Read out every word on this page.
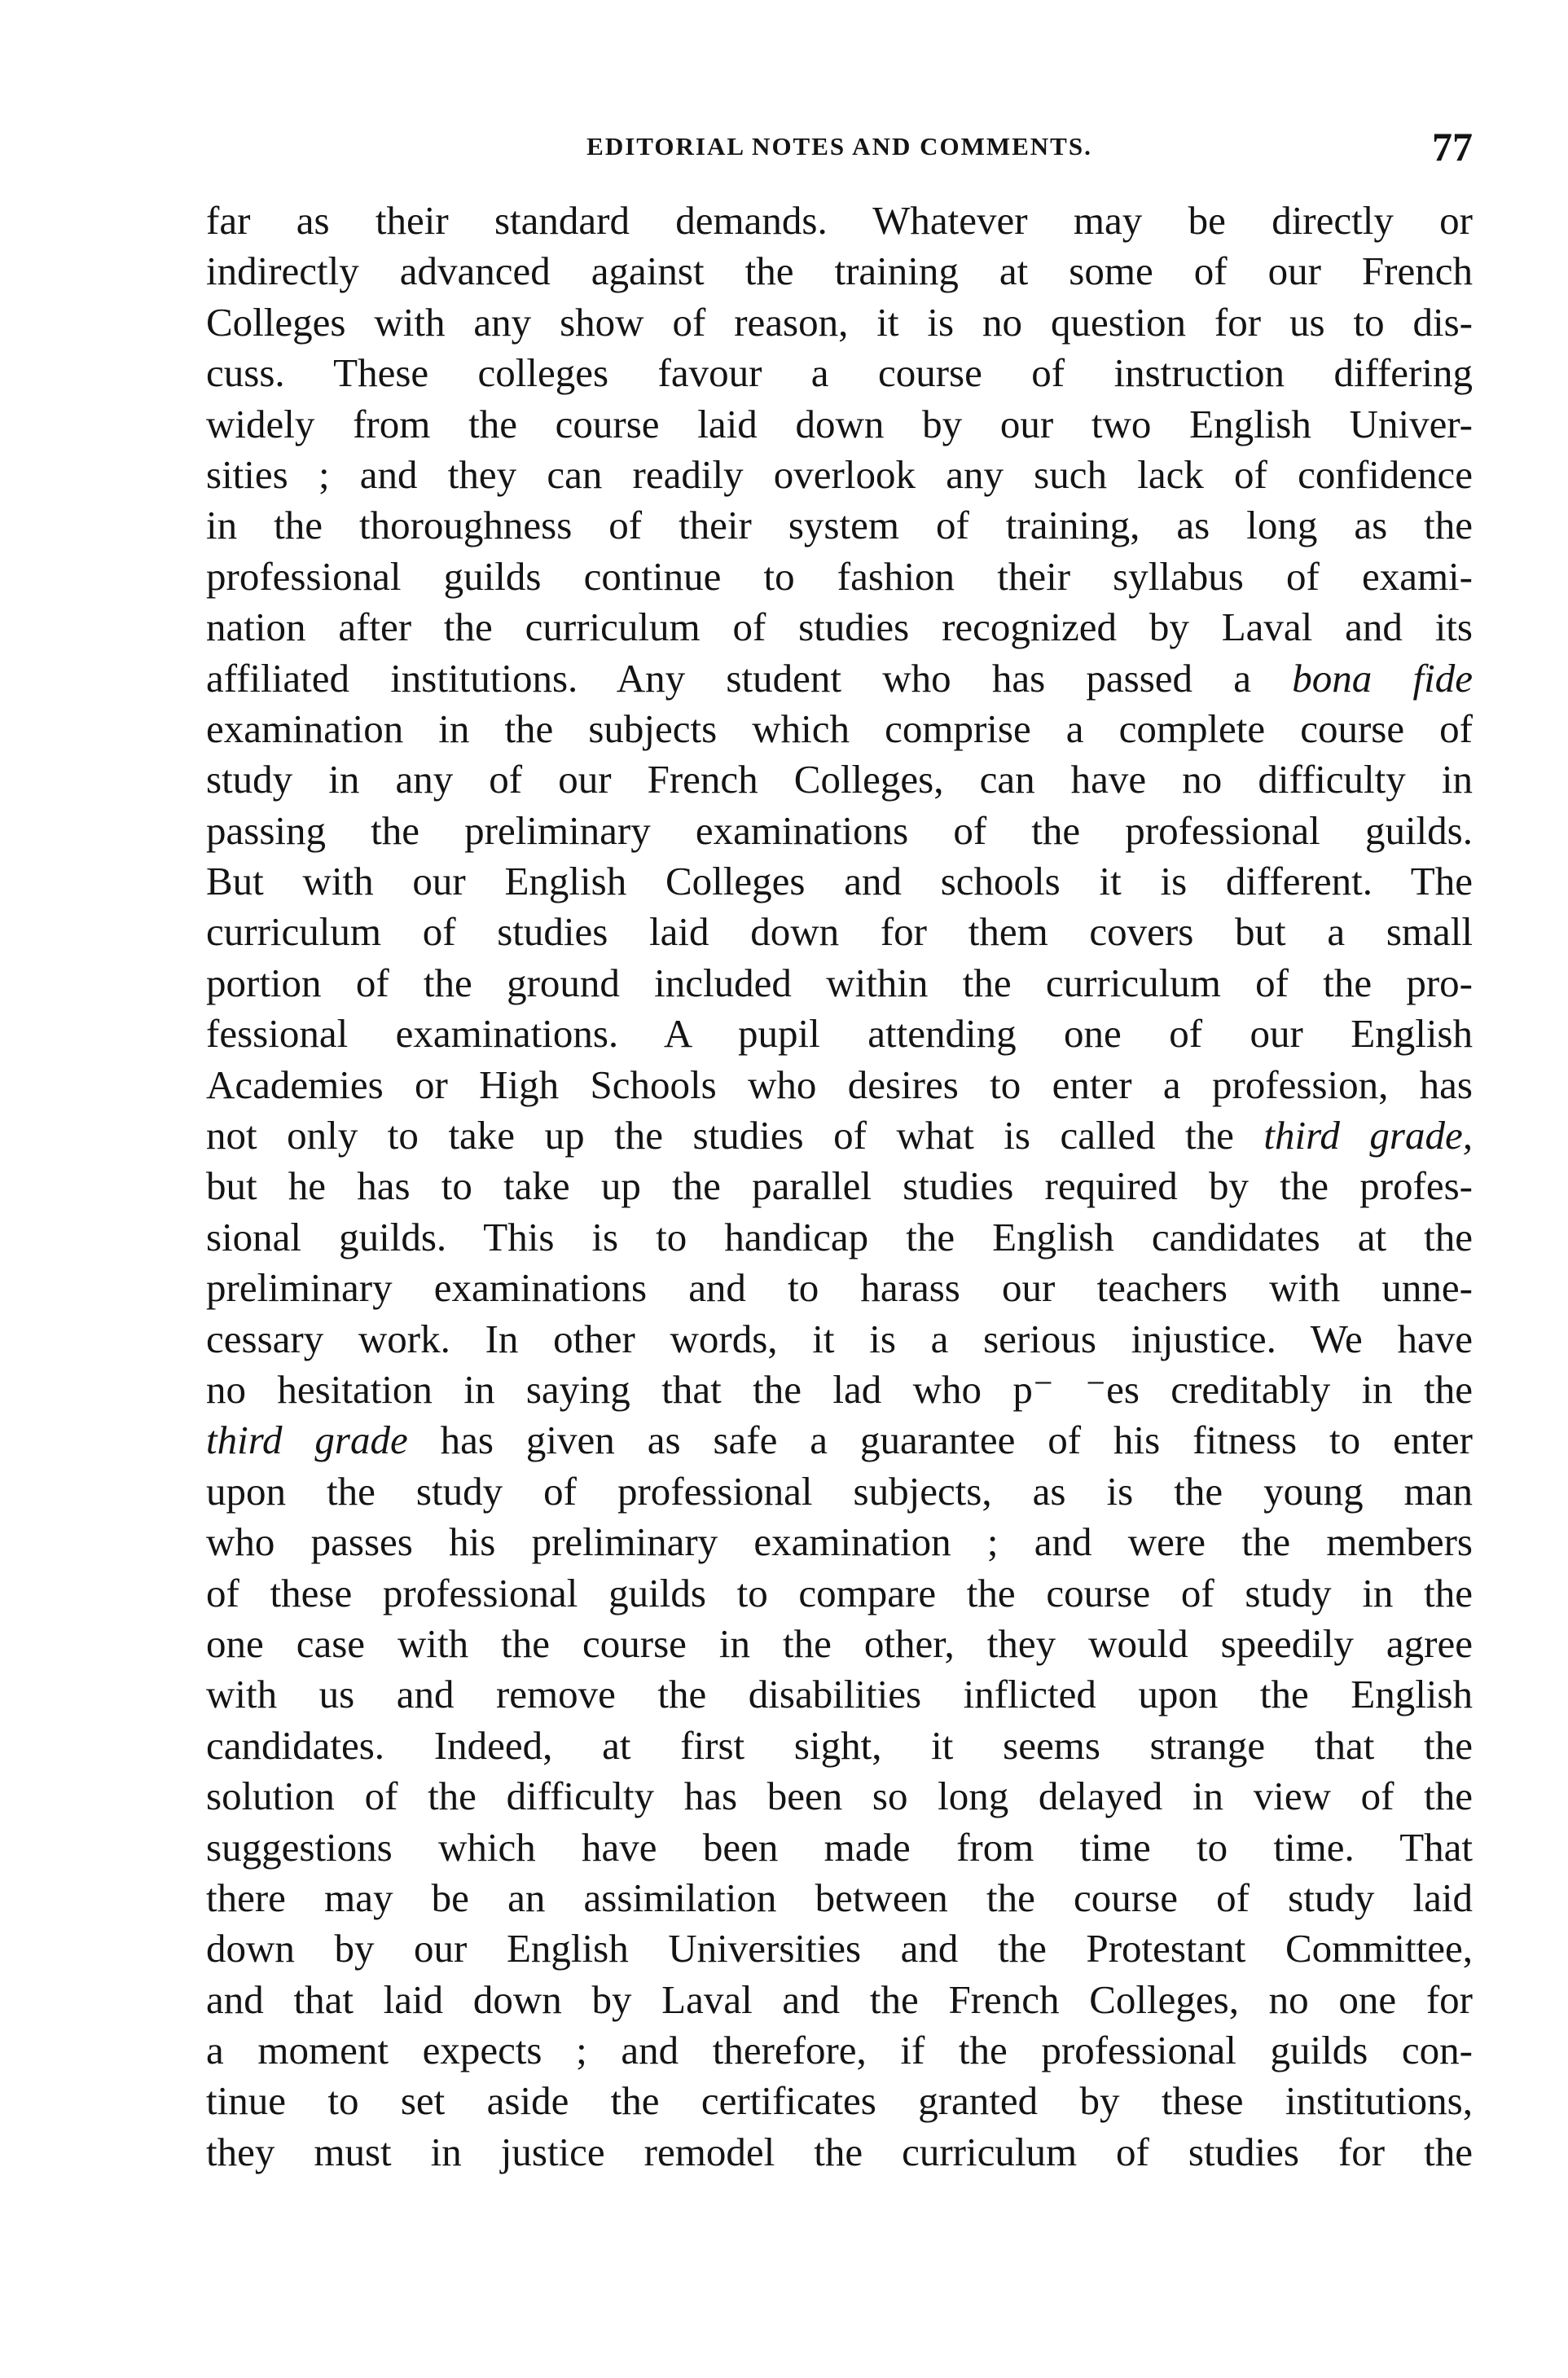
EDITORIAL NOTES AND COMMENTS.	77
far as their standard demands. Whatever may be directly or
indirectly advanced against the training at some of our French
Colleges with any show of reason, it is no question for us to dis-
cuss. These colleges favour a course of instruction differing
widely from the course laid down by our two English Univer-
sities ; and they can readily overlook any such lack of confidence
in the thoroughness of their system of training, as long as the
professional guilds continue to fashion their syllabus of exami-
nation after the curriculum of studies recognized by Laval and its
affiliated institutions. Any student who has passed a bona fide
examination in the subjects which comprise a complete course of
study in any of our French Colleges, can have no difficulty in
passing the preliminary examinations of the professional guilds.
But with our English Colleges and schools it is different. The
curriculum of studies laid down for them covers but a small
portion of the ground included within the curriculum of the pro-
fessional examinations. A pupil attending one of our English
Academies or High Schools who desires to enter a profession, has
not only to take up the studies of what is called the third grade,
but he has to take up the parallel studies required by the profes-
sional guilds. This is to handicap the English candidates at the
preliminary examinations and to harass our teachers with unne-
cessary work. In other words, it is a serious injustice. We have
no hesitation in saying that the lad who p⁻ ⁻es creditably in the
third grade has given as safe a guarantee of his fitness to enter
upon the study of professional subjects, as is the young man
who passes his preliminary examination ; and were the members
of these professional guilds to compare the course of study in the
one case with the course in the other, they would speedily agree
with us and remove the disabilities inflicted upon the English
candidates. Indeed, at first sight, it seems strange that the
solution of the difficulty has been so long delayed in view of the
suggestions which have been made from time to time. That
there may be an assimilation between the course of study laid
down by our English Universities and the Protestant Committee,
and that laid down by Laval and the French Colleges, no one for
a moment expects ; and therefore, if the professional guilds con-
tinue to set aside the certificates granted by these institutions,
they must in justice remodel the curriculum of studies for the
